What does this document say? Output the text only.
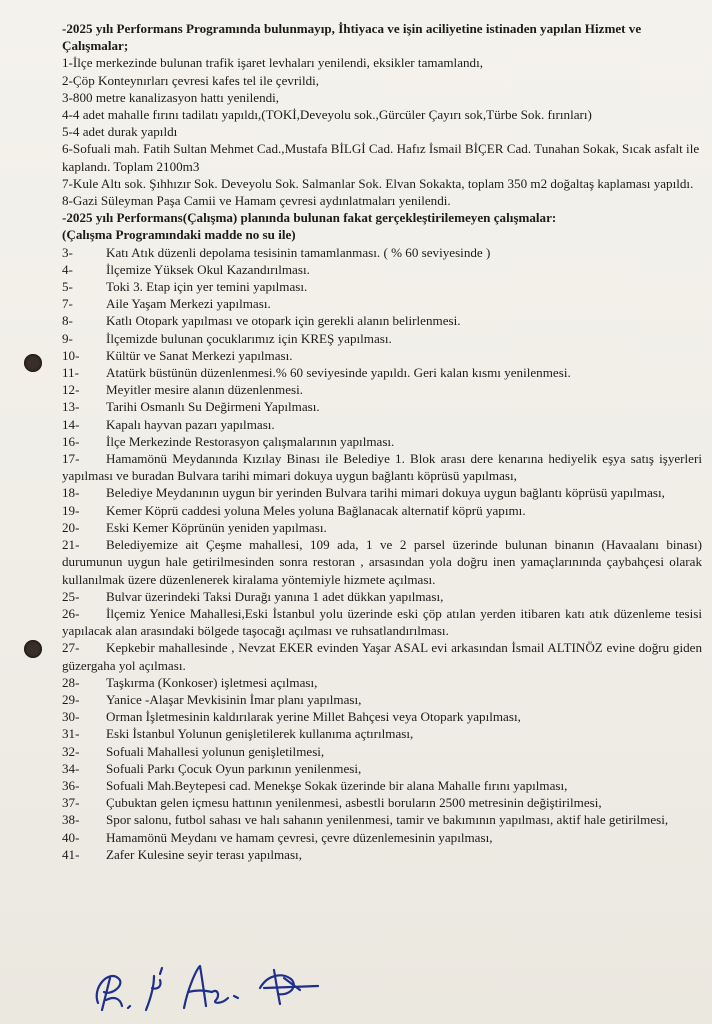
-2025 yılı Performans Programında bulunmayıp, İhtiyaca ve işin aciliyetine istinaden yapılan Hizmet ve Çalışmalar;

1-İlçe merkezinde bulunan trafik işaret levhaları yenilendi, eksikler tamamlandı,

2-Çöp Konteynırları çevresi kafes tel ile çevrildi,

3-800 metre kanalizasyon hattı yenilendi,

4-4 adet mahalle fırını tadilatı yapıldı,(TOKİ,Deveyolu sok.,Gürcüler Çayırı sok,Türbe Sok. fırınları)

5-4 adet durak yapıldı

6-Sofuali mah. Fatih Sultan Mehmet Cad.,Mustafa BİLGİ Cad. Hafız İsmail BİÇER Cad. Tunahan Sokak, Sıcak asfalt ile kaplandı. Toplam 2100m3

7-Kule Altı sok. Şıhhızır Sok. Deveyolu Sok. Salmanlar Sok. Elvan Sokakta, toplam 350 m2 doğaltaş kaplaması yapıldı.

8-Gazi Süleyman Paşa Camii ve Hamam çevresi aydınlatmaları yenilendi.

-2025 yılı Performans(Çalışma) planında bulunan fakat gerçekleştirilemeyen çalışmalar:

(Çalışma Programındaki madde no su ile)

3-	Katı Atık düzenli depolama tesisinin tamamlanması. ( % 60 seviyesinde )
4-	İlçemize Yüksek Okul Kazandırılması.
5-	Toki 3. Etap için yer temini yapılması.
7-	Aile Yaşam Merkezi yapılması.
8-	Katlı Otopark yapılması ve otopark için gerekli alanın belirlenmesi.
9-	İlçemizde bulunan çocuklarımız için KREŞ yapılması.
10-	Kültür ve Sanat Merkezi yapılması.
11-	Atatürk büstünün düzenlenmesi.% 60 seviyesinde yapıldı. Geri kalan kısmı yenilenmesi.
12-	Meyitler mesire alanın düzenlenmesi.
13-	Tarihi Osmanlı Su Değirmeni Yapılması.
14-	Kapalı hayvan pazarı yapılması.
16-	İlçe Merkezinde Restorasyon çalışmalarının yapılması.

17- Hamamönü Meydanında Kızılay Binası ile Belediye 1. Blok arası dere kenarına hediyelik eşya satış işyerleri yapılması ve buradan Bulvara tarihi mimari dokuya uygun bağlantı köprüsü yapılması,

18- Belediye Meydanının uygun bir yerinden Bulvara tarihi mimari dokuya uygun bağlantı köprüsü yapılması,

19-	Kemer Köprü caddesi yoluna Meles yoluna Bağlanacak alternatif köprü yapımı.
20-	Eski Kemer Köprünün yeniden yapılması.

21- Belediyemize ait Çeşme mahallesi, 109 ada, 1 ve 2 parsel üzerinde bulunan binanın (Havaalanı binası) durumunun uygun hale getirilmesinden sonra restoran , arsasından yola doğru inen yamaçlarınında çaybahçesi olarak kullanılmak üzere düzenlenerek kiralama yöntemiyle hizmete açılması.

25-	Bulvar üzerindeki Taksi Durağı yanına 1 adet dükkan yapılması,

26- İlçemiz Yenice Mahallesi,Eski İstanbul yolu üzerinde eski çöp atılan yerden itibaren katı atık düzenleme tesisi yapılacak alan arasındaki bölgede taşocağı açılması ve ruhsatlandırılması.

27- Kepkebir mahallesinde , Nevzat EKER evinden Yaşar ASAL evi arkasından İsmail ALTINÖZ evine doğru giden güzergaha yol açılması.

28-	Taşkırma (Konkoser) işletmesi açılması,
29-	Yanice -Alaşar Mevkisinin İmar planı yapılması,
30-	Orman İşletmesinin kaldırılarak yerine Millet Bahçesi veya Otopark yapılması,
31-	Eski İstanbul Yolunun genişletilerek kullanıma açtırılması,
32-	Sofuali Mahallesi yolunun genişletilmesi,
34-	Sofuali Parkı Çocuk Oyun parkının yenilenmesi,
36-	Sofuali Mah.Beytepesi cad. Menekşe Sokak üzerinde bir alana Mahalle fırını yapılması,
37-	Çubuktan gelen içmesu hattının yenilenmesi, asbestli boruların 2500 metresinin değiştirilmesi,

38- Spor salonu, futbol sahası ve halı sahanın yenilenmesi, tamir ve bakımının yapılması, aktif hale getirilmesi,

40-	Hamamönü Meydanı ve hamam çevresi, çevre düzenlemesinin yapılması,
41-	Zafer Kulesine seyir terası yapılması,
